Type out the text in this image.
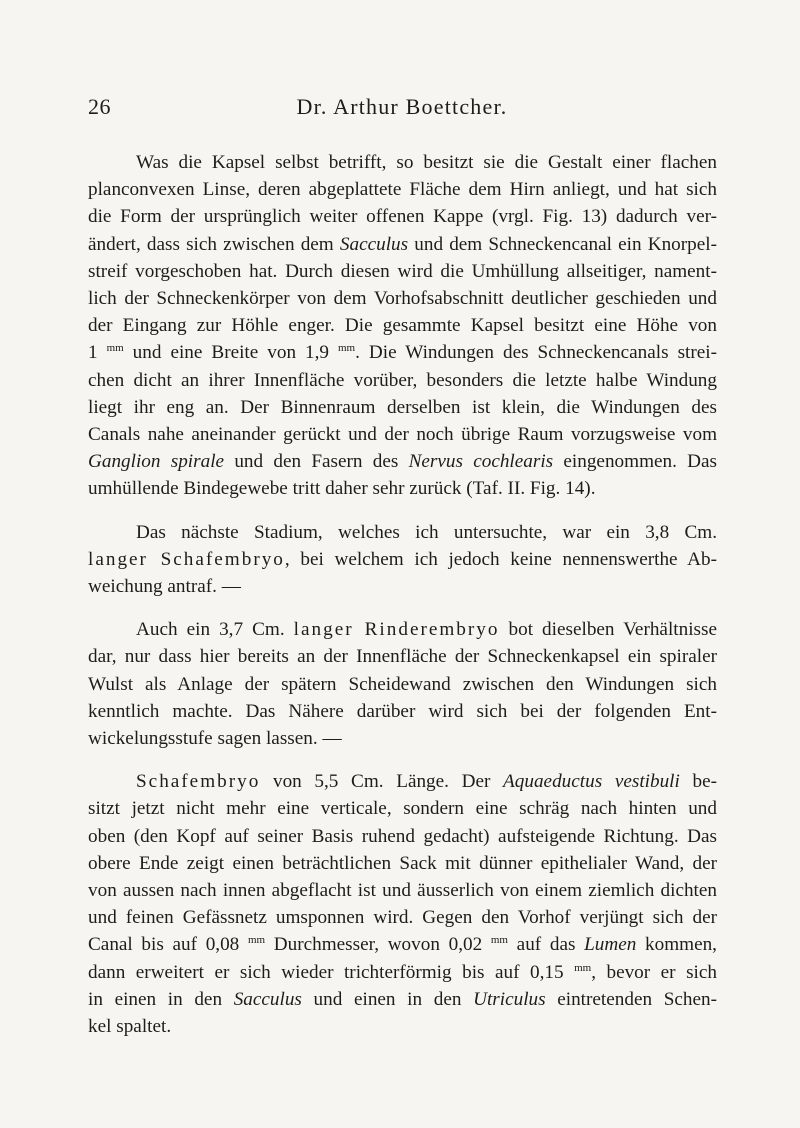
26	Dr. Arthur Boettcher.
Was die Kapsel selbst betrifft, so besitzt sie die Gestalt einer flachen
planconvexen Linse, deren abgeplattete Fläche dem Hirn anliegt, und hat sich
die Form der ursprünglich weiter offenen Kappe (vrgl. Fig. 13) dadurch ver-
ändert, dass sich zwischen dem Sacculus und dem Schneckencanal ein Knorpel-
streif vorgeschoben hat. Durch diesen wird die Umhüllung allseitiger, nament-
lich der Schneckenkörper von dem Vorhofsabschnitt deutlicher geschieden und
der Eingang zur Höhle enger. Die gesammte Kapsel besitzt eine Höhe von
1 $^{mm}$ und eine Breite von 1,9 $^{mm}$. Die Windungen des Schneckencanals strei-
chen dicht an ihrer Innenfläche vorüber, besonders die letzte halbe Windung
liegt ihr eng an. Der Binnenraum derselben ist klein, die Windungen des
Canals nahe aneinander gerückt und der noch übrige Raum vorzugsweise vom
Ganglion spirale und den Fasern des Nervus cochlearis eingenommen. Das
umhüllende Bindegewebe tritt daher sehr zurück (Taf. II. Fig. 14).
Das nächste Stadium, welches ich untersuchte, war ein 3,8 Cm.
langer Schafembryo, bei welchem ich jedoch keine nennenswerthe Ab-
weichung antraf. —
Auch ein 3,7 Cm. langer Rinderembryo bot dieselben Verhältnisse
dar, nur dass hier bereits an der Innenfläche der Schneckenkapsel ein spiraler
Wulst als Anlage der spätern Scheidewand zwischen den Windungen sich
kenntlich machte. Das Nähere darüber wird sich bei der folgenden Ent-
wickelungsstufe sagen lassen. —
Schafembryo von 5,5 Cm. Länge. Der Aquaeductus vestibuli be-
sitzt jetzt nicht mehr eine verticale, sondern eine schräg nach hinten und
oben (den Kopf auf seiner Basis ruhend gedacht) aufsteigende Richtung. Das
obere Ende zeigt einen beträchtlichen Sack mit dünner epithelialer Wand, der
von aussen nach innen abgeflacht ist und äusserlich von einem ziemlich dichten
und feinen Gefässnetz umsponnen wird. Gegen den Vorhof verjüngt sich der
Canal bis auf 0,08 $^{mm}$ Durchmesser, wovon 0,02 $^{mm}$ auf das Lumen kommen,
dann erweitert er sich wieder trichterförmig bis auf 0,15 $^{mm}$, bevor er sich
in einen in den Sacculus und einen in den Utriculus eintretenden Schen-
kel spaltet.
